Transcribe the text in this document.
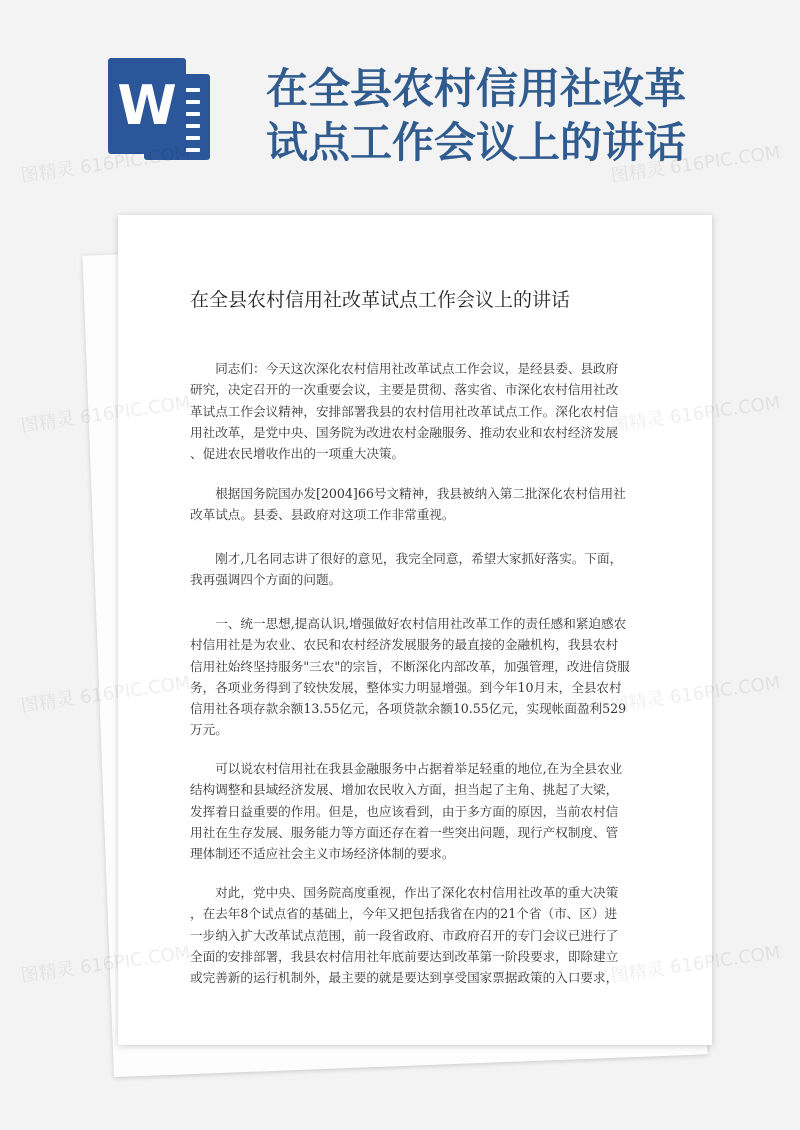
W 在全县农村信用社改革
试点工作会议上的讲话
在全县农村信用社改革试点工作会议上的讲话

同志们：今天这次深化农村信用社改革试点工作会议，是经县委、县政府
研究，决定召开的一次重要会议，主要是贯彻、落实省、市深化农村信用社改
革试点工作会议精神，安排部署我县的农村信用社改革试点工作。深化农村信
用社改革，是党中央、国务院为改进农村金融服务、推动农业和农村经济发展
、促进农民增收作出的一项重大决策。

根据国务院国办发[2004]66号文精神，我县被纳入第二批深化农村信用社
改革试点。县委、县政府对这项工作非常重视。

刚才,几名同志讲了很好的意见，我完全同意，希望大家抓好落实。下面，
我再强调四个方面的问题。

一、统一思想,提高认识,增强做好农村信用社改革工作的责任感和紧迫感农
村信用社是为农业、农民和农村经济发展服务的最直接的金融机构，我县农村
信用社始终坚持服务"三农"的宗旨，不断深化内部改革，加强管理，改进信贷服
务，各项业务得到了较快发展，整体实力明显增强。到今年10月末，全县农村
信用社各项存款余额13.55亿元，各项贷款余额10.55亿元，实现帐面盈利529
万元。

可以说农村信用社在我县金融服务中占据着举足轻重的地位,在为全县农业
结构调整和县域经济发展、增加农民收入方面，担当起了主角、挑起了大梁，
发挥着日益重要的作用。但是，也应该看到，由于多方面的原因，当前农村信
用社在生存发展、服务能力等方面还存在着一些突出问题，现行产权制度、管
理体制还不适应社会主义市场经济体制的要求。

对此，党中央、国务院高度重视，作出了深化农村信用社改革的重大决策
，在去年8个试点省的基础上，今年又把包括我省在内的21个省（市、区）进
一步纳入扩大改革试点范围，前一段省政府、市政府召开的专门会议已进行了
全面的安排部署，我县农村信用社年底前要达到改革第一阶段要求，即除建立
或完善新的运行机制外，最主要的就是要达到享受国家票据政策的入口要求，

图精灵 616PIC.COM	图精灵 616PIC.COM
图精灵 616PIC.COM	图精灵 616PIC.COM
图精灵 616PIC.COM	图精灵 616PIC.COM
图精灵 616PIC.COM	图精灵 616PIC.COM
